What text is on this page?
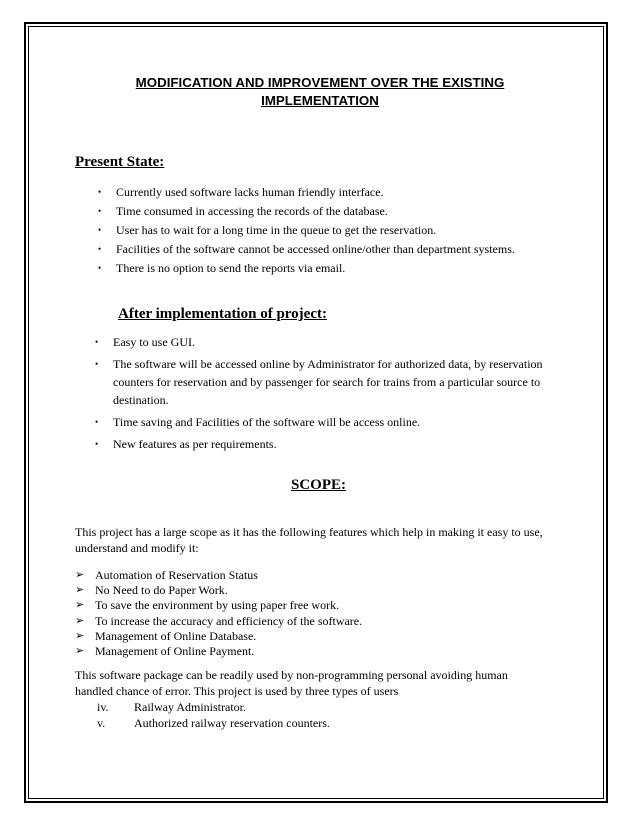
MODIFICATION AND IMPROVEMENT OVER THE EXISTING
IMPLEMENTATION
Present State:
• Currently used software lacks human friendly interface.
• Time consumed in accessing the records of the database.
• User has to wait for a long time in the queue to get the reservation.
• Facilities of the software cannot be accessed online/other than department systems.
• There is no option to send the reports via email.
After implementation of project:
• Easy to use GUI.
• The software will be accessed online by Administrator for authorized data, by reservation
counters for reservation and by passenger for search for trains from a particular source to
destination.
• Time saving and Facilities of the software will be access online.
• New features as per requirements.
SCOPE:
This project has a large scope as it has the following features which help in making it easy to use,
understand and modify it:
➢ Automation of Reservation Status
➢ No Need to do Paper Work.
➢ To save the environment by using paper free work.
➢ To increase the accuracy and efficiency of the software.
➢ Management of Online Database.
➢ Management of Online Payment.
This software package can be readily used by non-programming personal avoiding human
handled chance of error. This project is used by three types of users
iv. Railway Administrator.
v. Authorized railway reservation counters.
